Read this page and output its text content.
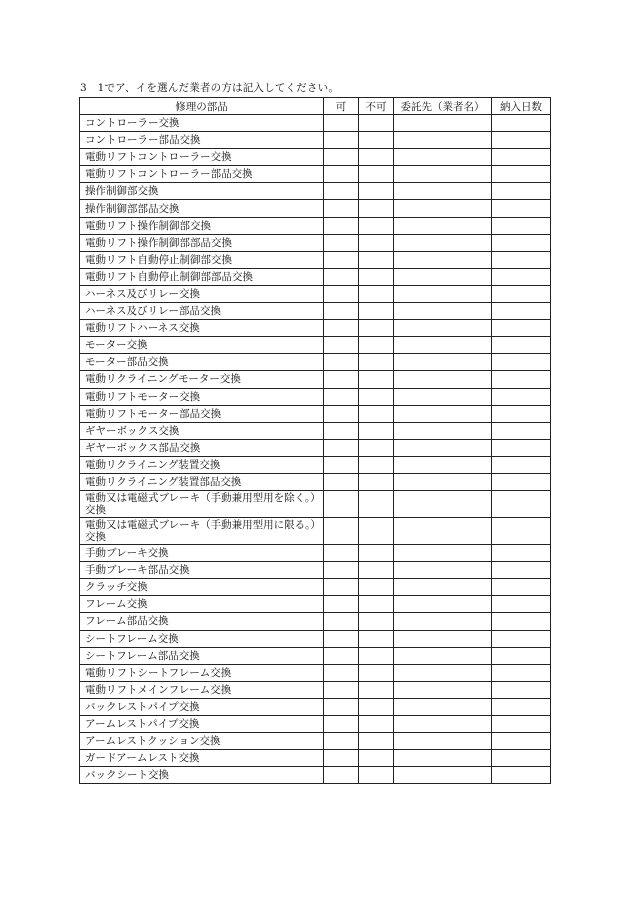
3　1でア、イを選んだ業者の方は記入してください。
修理の部品	可	不可	委託先（業者名）	納入日数
コントローラー交換				
コントローラー部品交換				
電動リフトコントローラー交換				
電動リフトコントローラー部品交換				
操作制御部交換				
操作制御部部品交換				
電動リフト操作制御部交換				
電動リフト操作制御部部品交換				
電動リフト自動停止制御部交換				
電動リフト自動停止制御部部品交換				
ハーネス及びリレー交換				
ハーネス及びリレー部品交換				
電動リフトハーネス交換				
モーター交換				
モーター部品交換				
電動リクライニングモーター交換				
電動リフトモーター交換				
電動リフトモーター部品交換				
ギヤーボックス交換				
ギヤーボックス部品交換				
電動リクライニング装置交換				
電動リクライニング装置部品交換				
電動又は電磁式ブレーキ（手動兼用型用を除く。）交換				
電動又は電磁式ブレーキ（手動兼用型用に限る。）交換				
手動ブレーキ交換				
手動ブレーキ部品交換				
クラッチ交換				
フレーム交換				
フレーム部品交換				
シートフレーム交換				
シートフレーム部品交換				
電動リフトシートフレーム交換				
電動リフトメインフレーム交換				
バックレストパイプ交換				
アームレストパイプ交換				
アームレストクッション交換				
ガードアームレスト交換				
バックシート交換				
